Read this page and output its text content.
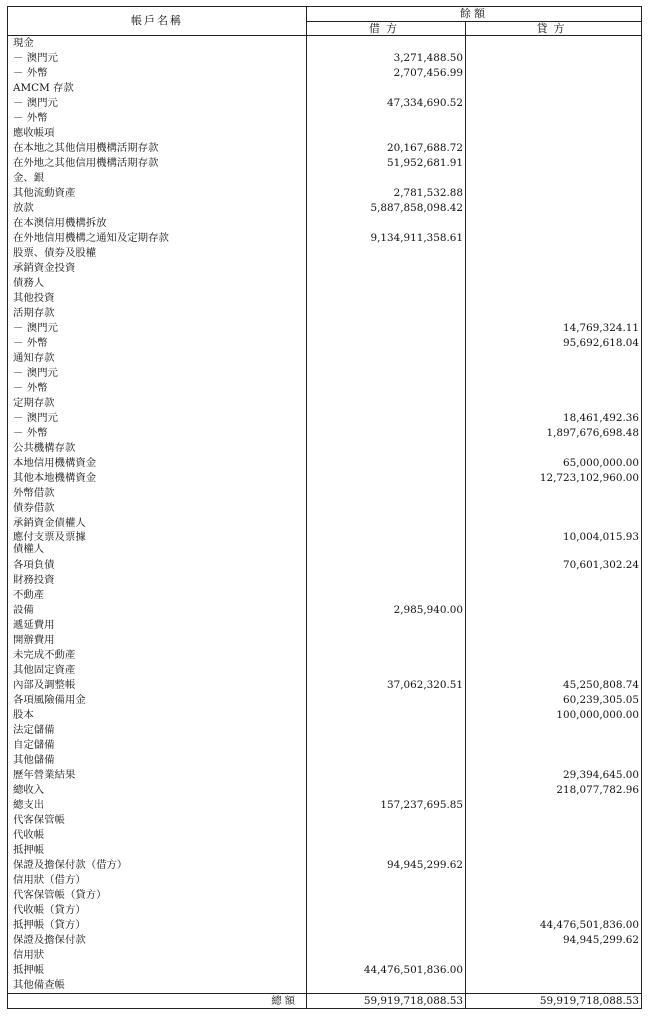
帳戶名稱	餘額	
	借方	貸方
現金		
－ 澳門元	3,271,488.50	
－ 外幣	2,707,456.99	
AMCM 存款		
－ 澳門元	47,334,690.52	
－ 外幣		
應收帳項		
在本地之其他信用機構活期存款	20,167,688.72	
在外地之其他信用機構活期存款	51,952,681.91	
金、銀		
其他流動資產	2,781,532.88	
放款	5,887,858,098.42	
在本澳信用機構拆放		
在外地信用機構之通知及定期存款	9,134,911,358.61	
股票、債券及股權		
承銷資金投資		
債務人		
其他投資		
活期存款		
－ 澳門元		14,769,324.11
－ 外幣		95,692,618.04
通知存款		
－ 澳門元		
－ 外幣		
定期存款		
－ 澳門元		18,461,492.36
－ 外幣		1,897,676,698.48
公共機構存款		
本地信用機構資金		65,000,000.00
其他本地機構資金		12,723,102,960.00
外幣借款		
債券借款		
承銷資金債權人		
應付支票及票據
債權人		10,004,015.93
各項負債		70,601,302.24
財務投資		
不動產		
設備	2,985,940.00	
遞延費用		
開辦費用		
未完成不動產		
其他固定資產		
內部及調整帳	37,062,320.51	45,250,808.74
各項風險備用金		60,239,305.05
股本		100,000,000.00
法定儲備		
自定儲備		
其他儲備		
歷年營業結果		29,394,645.00
總收入		218,077,782.96
總支出	157,237,695.85	
代客保管帳		
代收帳		
抵押帳		
保證及擔保付款（借方）	94,945,299.62	
信用狀（借方）		
代客保管帳（貸方）		
代收帳（貸方）		
抵押帳（貸方）		44,476,501,836.00
保證及擔保付款		94,945,299.62
信用狀		
抵押帳	44,476,501,836.00	
其他備查帳		
總額	59,919,718,088.53	59,919,718,088.53
